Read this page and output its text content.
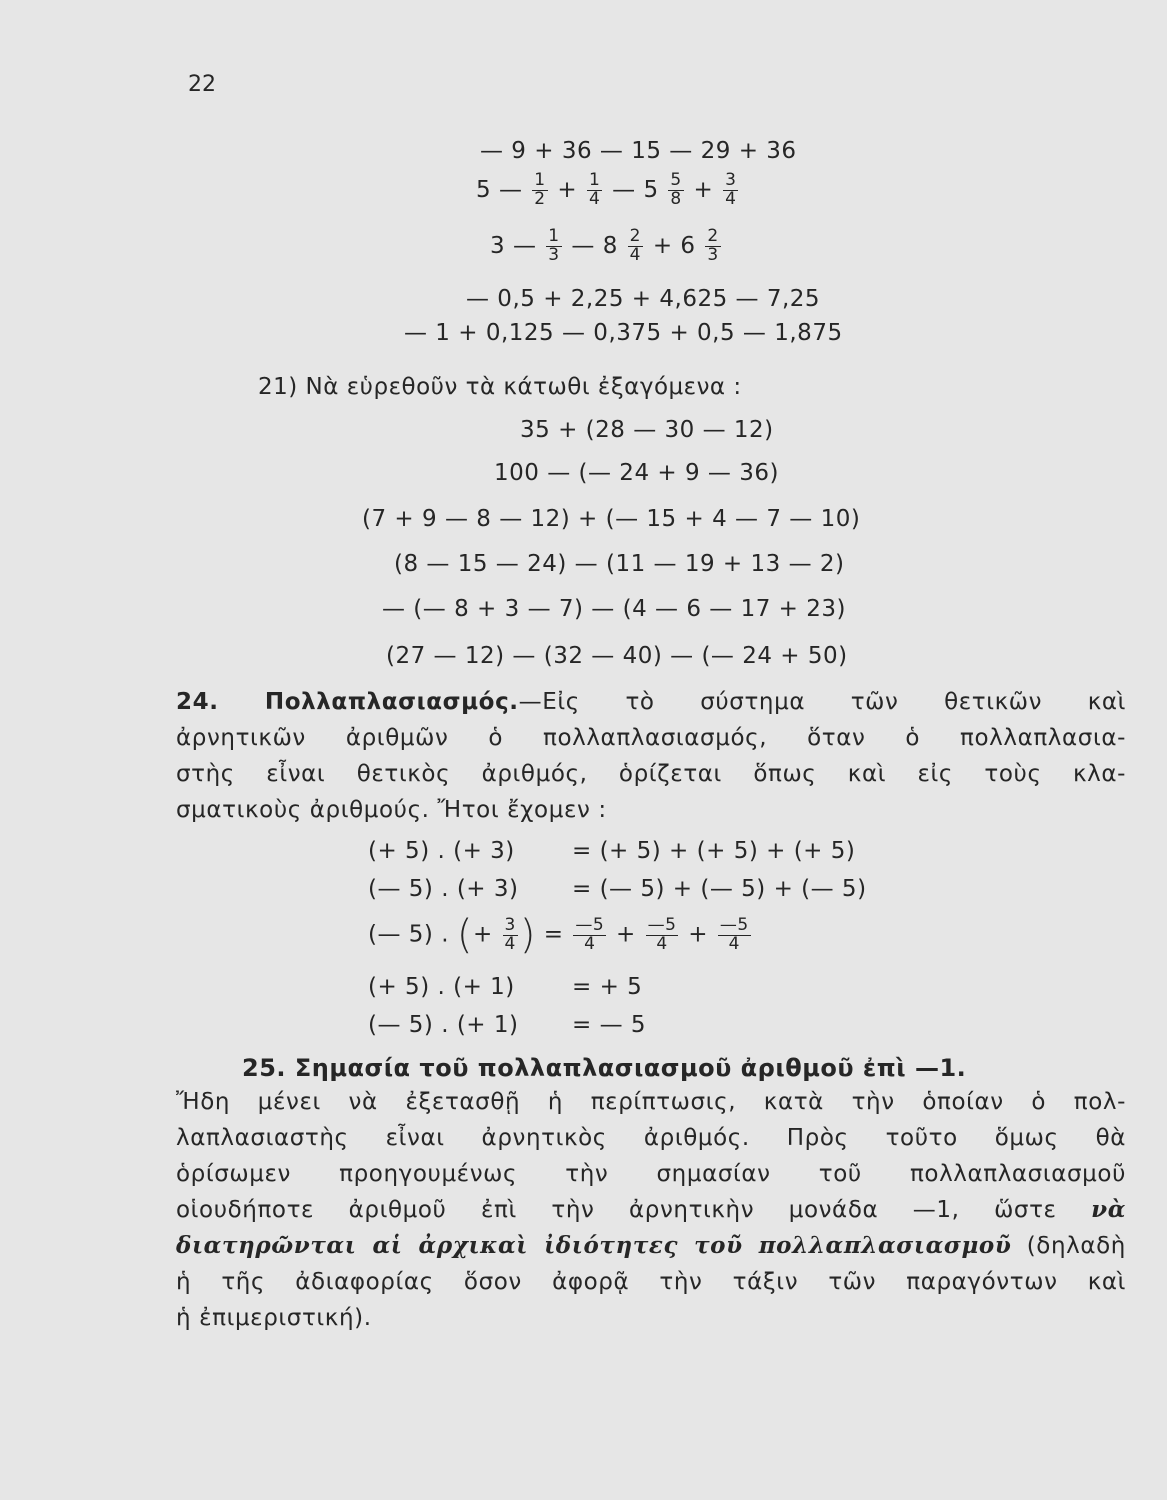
22
— 9 + 36 — 15 — 29 + 36
5 — $\frac{1}{2} + \frac{1}{4}$ — $5 \frac{5}{8} + \frac{3}{4}$
3 — $\frac{1}{3}$ — $8 \frac{2}{4} + 6 \frac{2}{3}$
— 0,5 + 2,25 + 4,625 — 7,25
— 1 + 0,125 — 0,375 + 0,5 — 1,875
21) Νὰ εὑρεθοῦν τὰ κάτωθι ἐξαγόμενα :
35 + (28 — 30 — 12)
100 — (— 24 + 9 — 36)
(7 + 9 — 8 — 12) + (— 15 + 4 — 7 — 10)
(8 — 15 — 24) — (11 — 19 + 13 — 2)
— (— 8 + 3 — 7) — (4 — 6 — 17 + 23)
(27 — 12) — (32 — 40) — (— 24 + 50)
24. Πολλαπλασιασμός.—Εἰς τὸ σύστημα τῶν θετικῶν καὶ
ἀρνητικῶν ἀριθμῶν ὁ πολλαπλασιασμός, ὅταν ὁ πολλαπλασια-
στὴς εἶναι θετικὸς ἀριθμός, ὁρίζεται ὅπως καὶ εἰς τοὺς κλα-
σματικοὺς ἀριθμούς. Ἤτοι ἔχομεν :
(+ 5) . (+ 3) = (+ 5) + (+ 5) + (+ 5)
(— 5) . (+ 3) = (— 5) + (— 5) + (— 5)
(— 5) . (+ $\frac{3}{4}$ ) = $\frac{—5}{4} + \frac{—5}{4} + \frac{—5}{4}$
(+ 5) . (+ 1) = + 5
(— 5) . (+ 1) = — 5
25. Σημασία τοῦ πολλαπλασιασμοῦ ἀριθμοῦ ἐπὶ —1.
Ἤδη μένει νὰ ἐξετασθῇ ἡ περίπτωσις, κατὰ τὴν ὁποίαν ὁ πολ-
λαπλασιαστὴς εἶναι ἀρνητικὸς ἀριθμός. Πρὸς τοῦτο ὅμως θὰ
ὁρίσωμεν προηγουμένως τὴν σημασίαν τοῦ πολλαπλασιασμοῦ
οἱουδήποτε ἀριθμοῦ ἐπὶ τὴν ἀρνητικὴν μονάδα —1, ὥστε νὰ
διατηρῶνται αἱ ἀρχικαὶ ἰδιότητες τοῦ πολλαπλασιασμοῦ (δηλαδὴ
ἡ τῆς ἀδιαφορίας ὅσον ἀφορᾷ τὴν τάξιν τῶν παραγόντων καὶ
ἡ ἐπιμεριστική).
